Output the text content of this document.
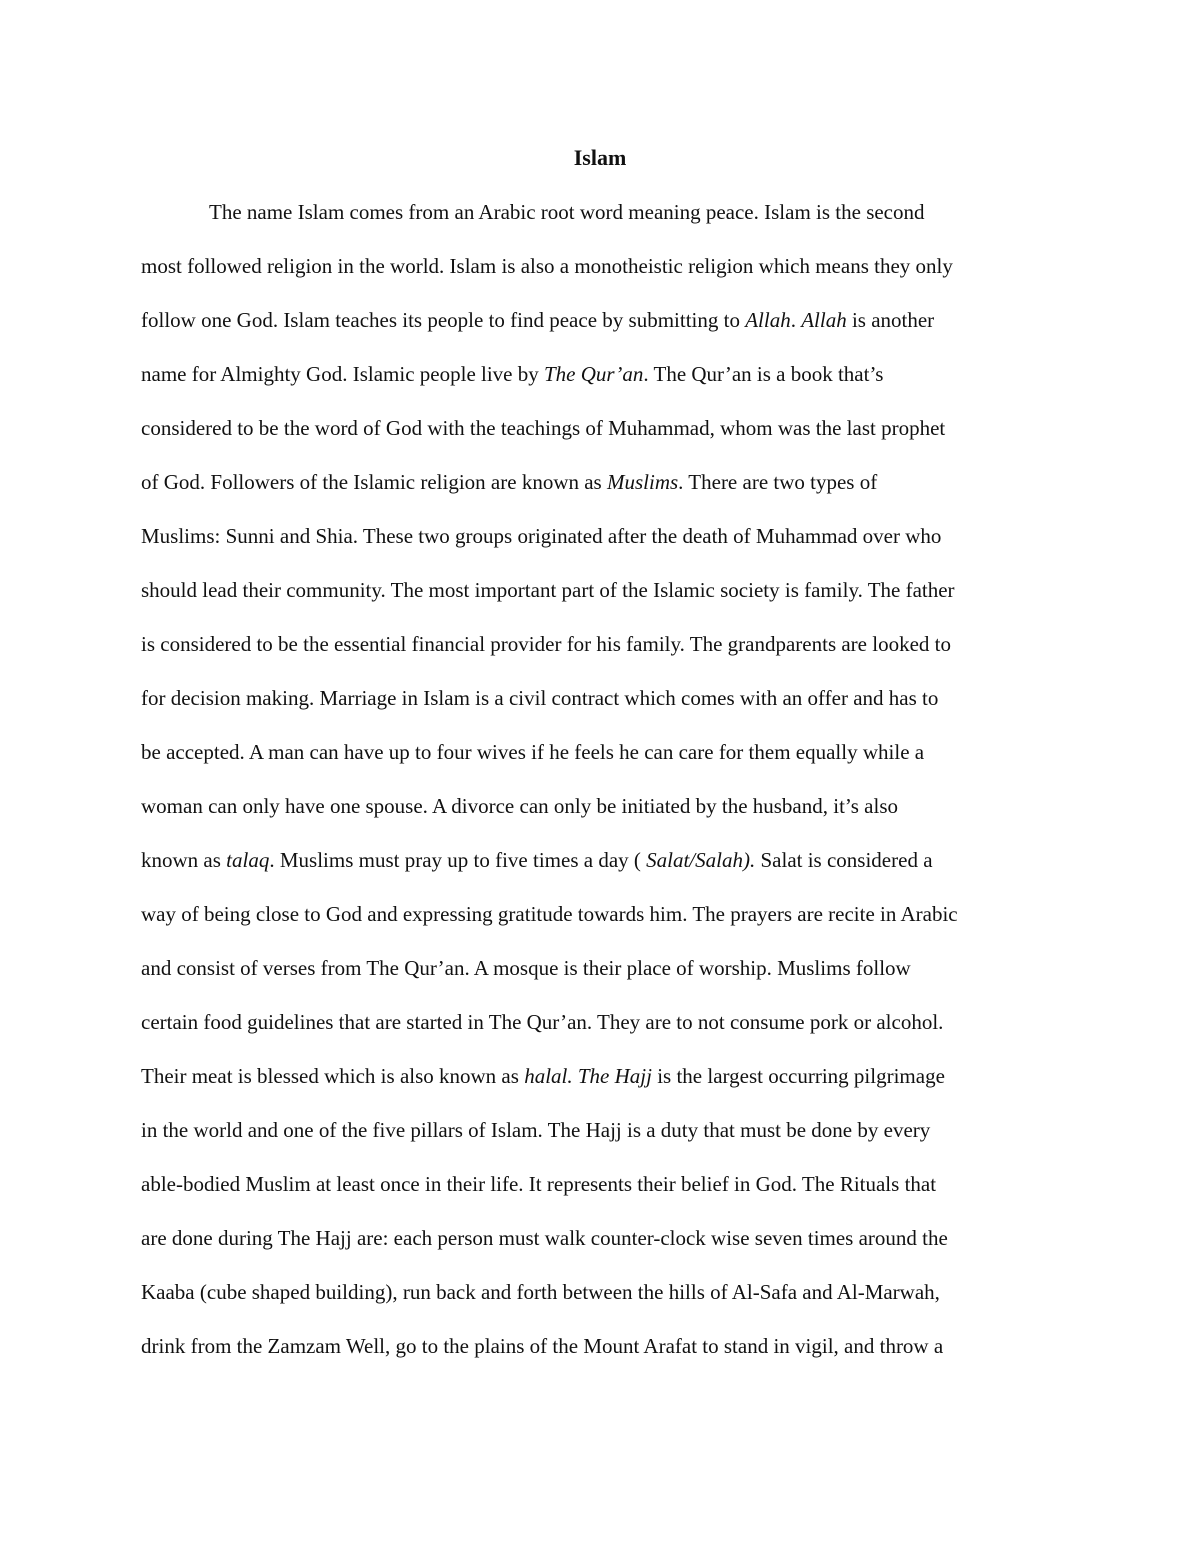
Islam
The name Islam comes from an Arabic root word meaning peace. Islam is the second
most followed religion in the world. Islam is also a monotheistic religion which means they only
follow one God. Islam teaches its people to find peace by submitting to Allah. Allah is another
name for Almighty God. Islamic people live by The Qur’an. The Qur’an is a book that’s
considered to be the word of God with the teachings of Muhammad, whom was the last prophet
of God. Followers of the Islamic religion are known as Muslims. There are two types of
Muslims: Sunni and Shia. These two groups originated after the death of Muhammad over who
should lead their community. The most important part of the Islamic society is family. The father
is considered to be the essential financial provider for his family. The grandparents are looked to
for decision making. Marriage in Islam is a civil contract which comes with an offer and has to
be accepted. A man can have up to four wives if he feels he can care for them equally while a
woman can only have one spouse. A divorce can only be initiated by the husband, it’s also
known as talaq. Muslims must pray up to five times a day ( Salat/Salah). Salat is considered a
way of being close to God and expressing gratitude towards him. The prayers are recite in Arabic
and consist of verses from The Qur’an. A mosque is their place of worship. Muslims follow
certain food guidelines that are started in The Qur’an. They are to not consume pork or alcohol.
Their meat is blessed which is also known as halal. The Hajj is the largest occurring pilgrimage
in the world and one of the five pillars of Islam. The Hajj is a duty that must be done by every
able-bodied Muslim at least once in their life. It represents their belief in God. The Rituals that
are done during The Hajj are: each person must walk counter-clock wise seven times around the
Kaaba (cube shaped building), run back and forth between the hills of Al-Safa and Al-Marwah,
drink from the Zamzam Well, go to the plains of the Mount Arafat to stand in vigil, and throw a
